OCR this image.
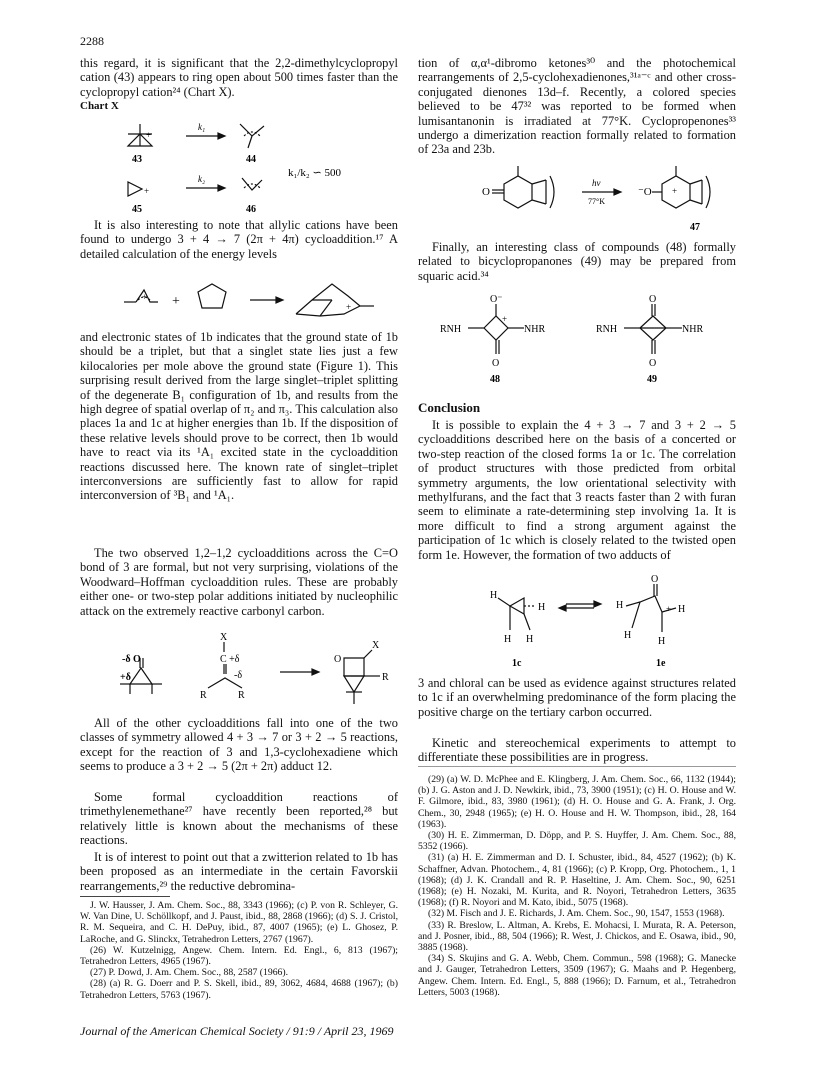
2288

this regard, it is significant that the 2,2-dimethylcyclopropyl cation (43) appears to ring open about 500 times faster than the cyclopropyl cation²⁴ (Chart X).

Chart X
+
+
k₁
k₂
43	44
45	46
k₁/k₂ ∽ 500

It is also interesting to note that allylic cations have been found to undergo 3 + 4 → 7 (2π + 4π) cycloaddition.¹⁷ A detailed calculation of the energy levels

+ +	+

and electronic states of 1b indicates that the ground state of 1b should be a triplet, but that a singlet state lies just a few kilocalories per mole above the ground state (Figure 1). This surprising result derived from the large singlet–triplet splitting of the degenerate B₁ configuration of 1b, and results from the high degree of spatial overlap of π₂ and π₃. This calculation also places 1a and 1c at higher energies than 1b. If the disposition of these relative levels should prove to be correct, then 1b would have to react via its ¹A₁ excited state in the cycloaddition reactions discussed here. The known rate of singlet–triplet interconversions are sufficiently fast to allow for rapid interconversion of ³B₁ and ¹A₁.

The two observed 1,2–1,2 cycloadditions across the C=O bond of 3 are formal, but not very surprising, violations of the Woodward–Hoffman cycloaddition rules. These are probably either one- or two-step polar additions initiated by nucleophilic attack on the extremely reactive carbonyl carbon.

-δ O
+δ
X
C +δ
-δ
R	R
O
X
R

All of the other cycloadditions fall into one of the two classes of symmetry allowed 4 + 3 → 7 or 3 + 2 → 5 reactions, except for the reaction of 3 and 1,3-cyclohexadiene which seems to produce a 3 + 2 → 5 (2π + 2π) adduct 12.

Some formal cycloaddition reactions of trimethylenemethane²⁷ have recently been reported,²⁸ but relatively little is known about the mechanisms of these reactions.

It is of interest to point out that a zwitterion related to 1b has been proposed as an intermediate in the certain Favorskii rearrangements,²⁹ the reductive debromina-

J. W. Hausser, J. Am. Chem. Soc., 88, 3343 (1966); (c) P. von R. Schleyer, G. W. Van Dine, U. Schöllkopf, and J. Paust, ibid., 88, 2868 (1966); (d) S. J. Cristol, R. M. Sequeira, and C. H. DePuy, ibid., 87, 4007 (1965); (e) L. Ghosez, P. LaRoche, and G. Slinckx, Tetrahedron Letters, 2767 (1967).

(26) W. Kutzelnigg, Angew. Chem. Intern. Ed. Engl., 6, 813 (1967); Tetrahedron Letters, 4965 (1967).

(27) P. Dowd, J. Am. Chem. Soc., 88, 2587 (1966).

(28) (a) R. G. Doerr and P. S. Skell, ibid., 89, 3062, 4684, 4688 (1967); (b) Tetrahedron Letters, 5763 (1967).

tion of α,α¹-dibromo ketones³⁰ and the photochemical rearrangements of 2,5-cyclohexadienones,³¹ᵃ⁻ᶜ and other cross-conjugated dienones 13d–f. Recently, a colored species believed to be 47³² was reported to be formed when lumisantanonin is irradiated at 77°K. Cyclopropenones³³ undergo a dimerization reaction formally related to formation of 23a and 23b.

O
hν
77°K
⁻O +
47

Finally, an interesting class of compounds (48) formally related to bicyclopropanones (49) may be prepared from squaric acid.³⁴

O⁻
+
RNH	NHR
O
48
O
RNH	NHR
O
49
Conclusion

It is possible to explain the 4 + 3 → 7 and 3 + 2 → 5 cycloadditions described here on the basis of a concerted or two-step reaction of the closed forms 1a or 1c. The correlation of product structures with those predicted from orbital symmetry arguments, the low orientational selectivity with methylfurans, and the fact that 3 reacts faster than 2 with furan seem to eliminate a rate-determining step involving 1a. It is more difficult to find a strong argument against the participation of 1c which is closely related to the twisted open form 1e. However, the formation of two adducts of

H
H
H H
1c
O
H	+ H
H
H
1e

3 and chloral can be used as evidence against structures related to 1c if an overwhelming predominance of the form placing the positive charge on the tertiary carbon occurred.

Kinetic and stereochemical experiments to attempt to differentiate these possibilities are in progress.

(29) (a) W. D. McPhee and E. Klingberg, J. Am. Chem. Soc., 66, 1132 (1944); (b) J. G. Aston and J. D. Newkirk, ibid., 73, 3900 (1951); (c) H. O. House and W. F. Gilmore, ibid., 83, 3980 (1961); (d) H. O. House and G. A. Frank, J. Org. Chem., 30, 2948 (1965); (e) H. O. House and H. W. Thompson, ibid., 28, 164 (1963).

(30) H. E. Zimmerman, D. Döpp, and P. S. Huyffer, J. Am. Chem. Soc., 88, 5352 (1966).

(31) (a) H. E. Zimmerman and D. I. Schuster, ibid., 84, 4527 (1962); (b) K. Schaffner, Advan. Photochem., 4, 81 (1966); (c) P. Kropp, Org. Photochem., 1, 1 (1968); (d) J. K. Crandall and R. P. Haseltine, J. Am. Chem. Soc., 90, 6251 (1968); (e) H. Nozaki, M. Kurita, and R. Noyori, Tetrahedron Letters, 3635 (1968); (f) R. Noyori and M. Kato, ibid., 5075 (1968).

(32) M. Fisch and J. E. Richards, J. Am. Chem. Soc., 90, 1547, 1553 (1968).

(33) R. Breslow, L. Altman, A. Krebs, E. Mohacsi, I. Murata, R. A. Peterson, and J. Posner, ibid., 88, 504 (1966); R. West, J. Chickos, and E. Osawa, ibid., 90, 3885 (1968).

(34) S. Skujins and G. A. Webb, Chem. Commun., 598 (1968); G. Manecke and J. Gauger, Tetrahedron Letters, 3509 (1967); G. Maahs and P. Hegenberg, Angew. Chem. Intern. Ed. Engl., 5, 888 (1966); D. Farnum, et al., Tetrahedron Letters, 5003 (1968).

Journal of the American Chemical Society / 91:9 / April 23, 1969
